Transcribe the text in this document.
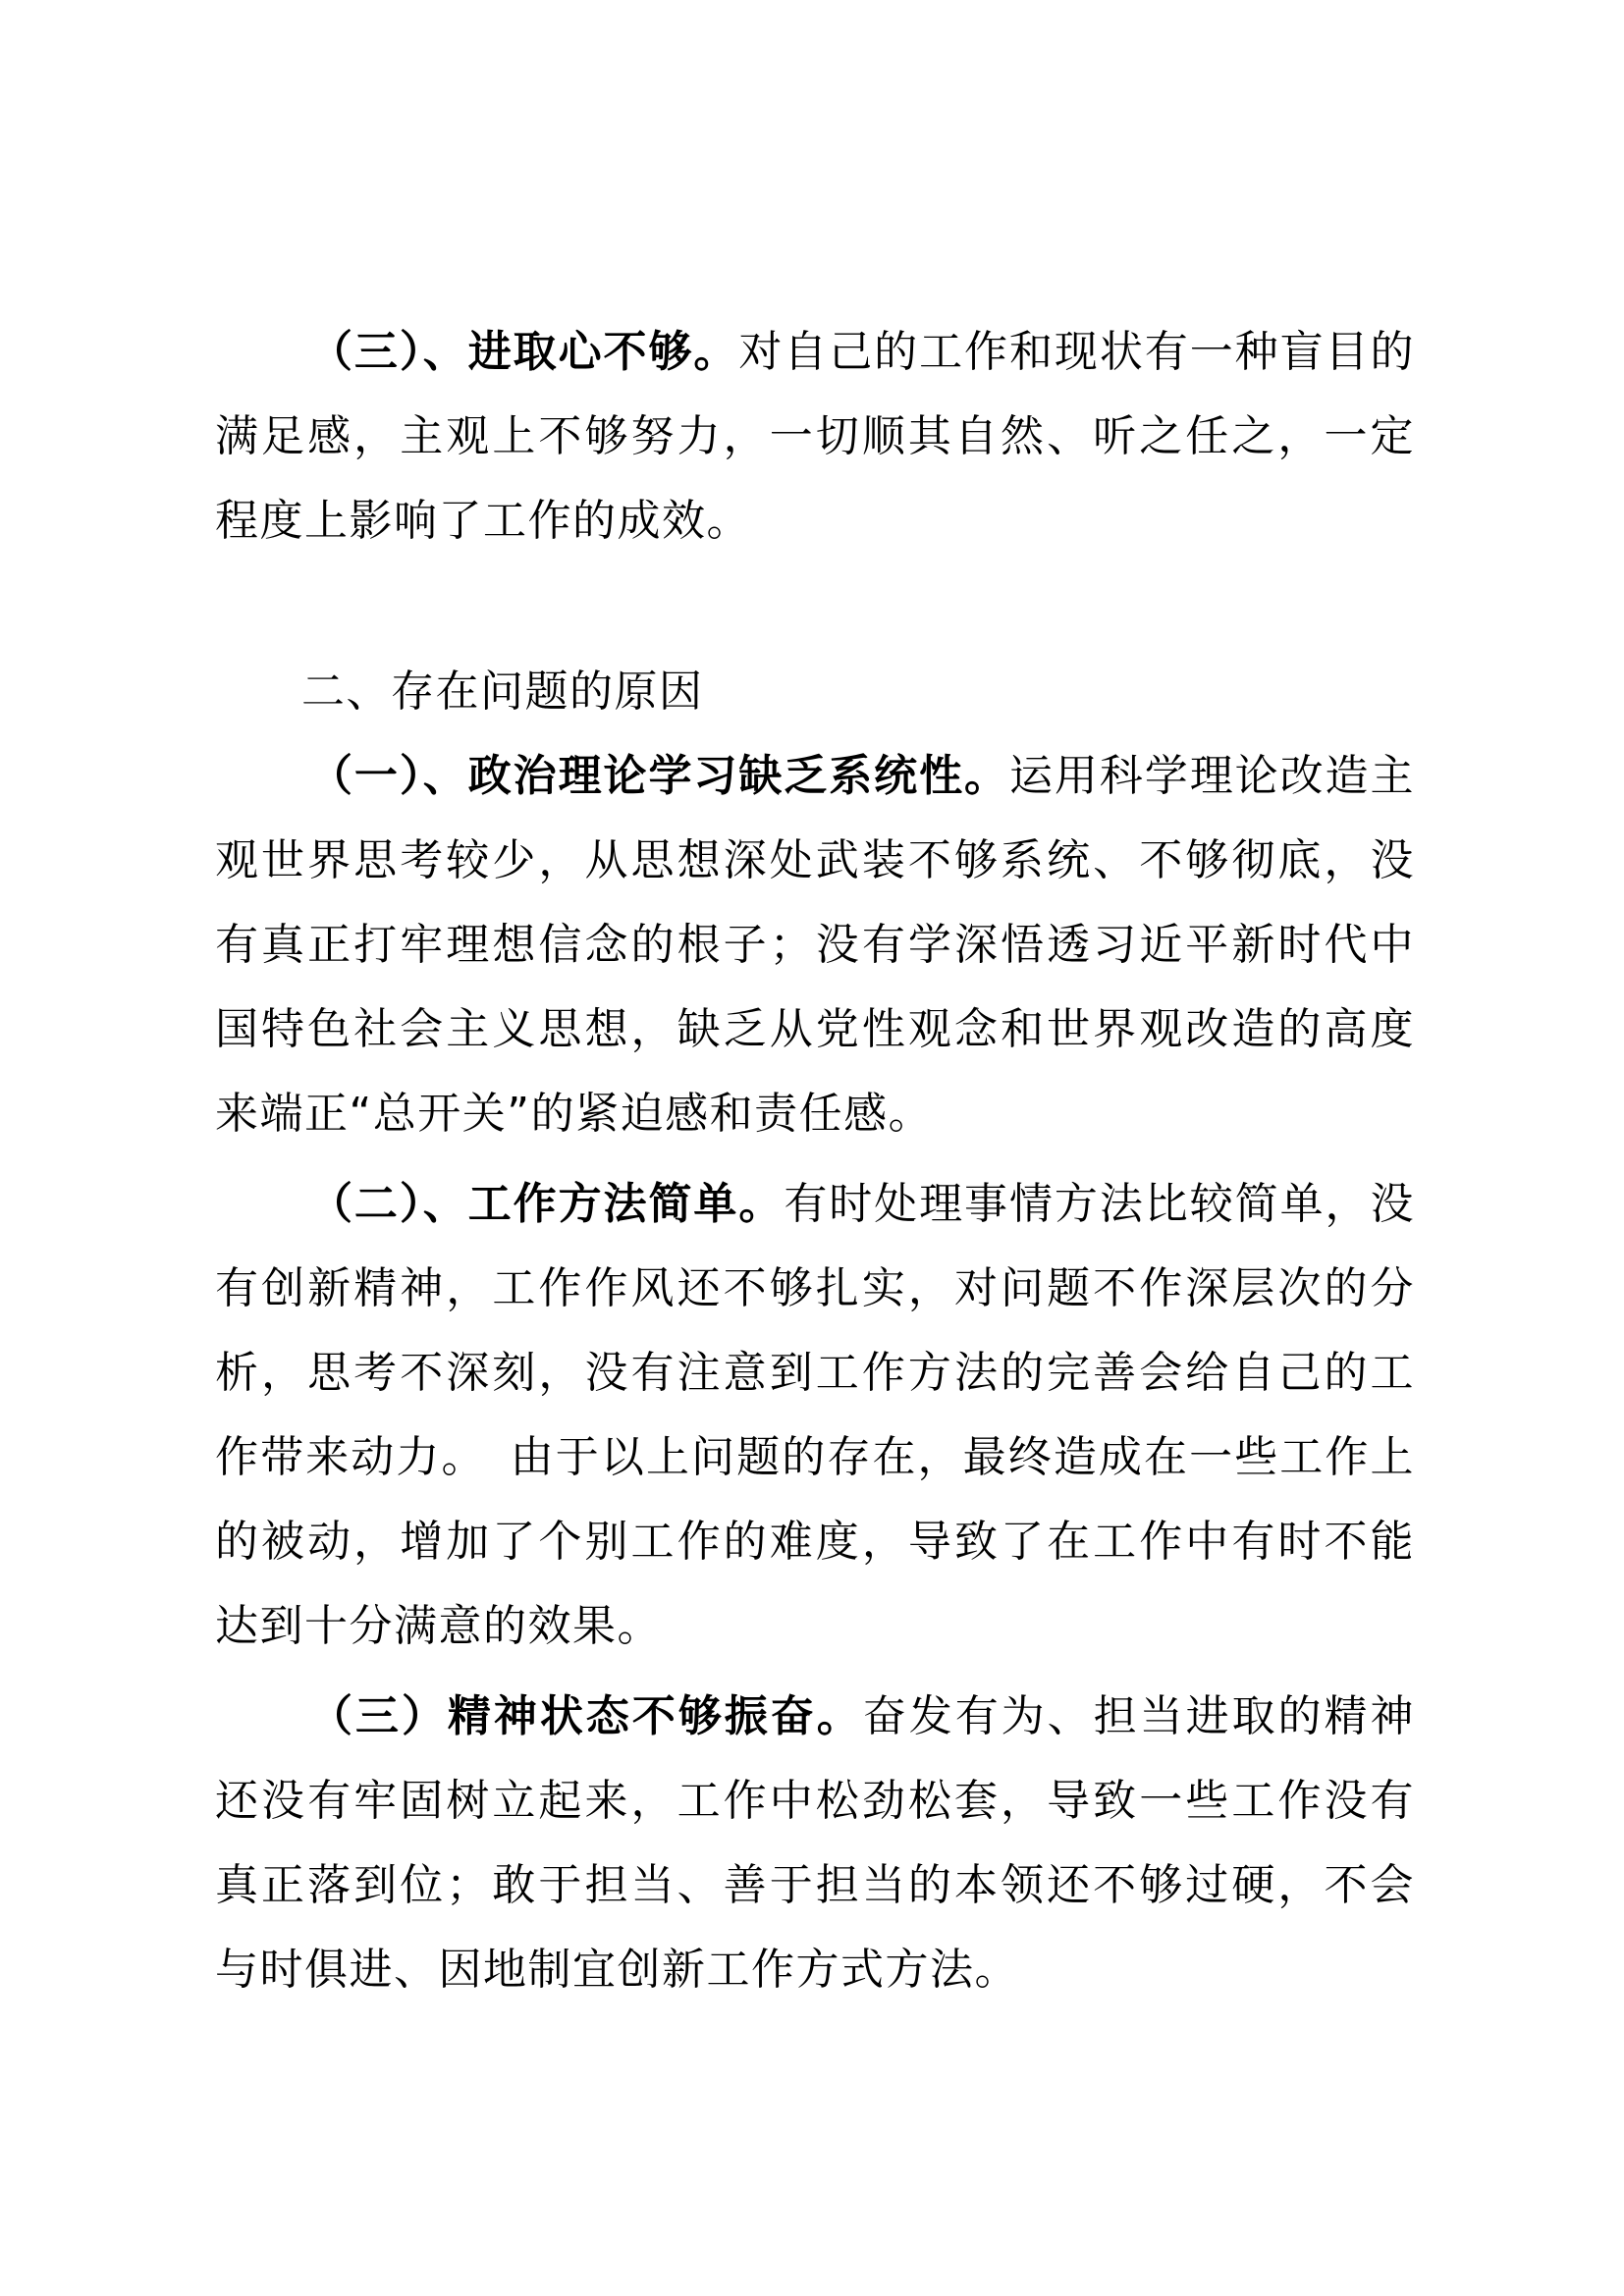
（三）、进取心不够。对自己的工作和现状有一种盲目的满足感，主观上不够努力，一切顺其自然、听之任之，一定程度上影响了工作的成效。

二、存在问题的原因

（一）、政治理论学习缺乏系统性。运用科学理论改造主观世界思考较少，从思想深处武装不够系统、不够彻底，没有真正打牢理想信念的根子；没有学深悟透习近平新时代中国特色社会主义思想，缺乏从党性观念和世界观改造的高度来端正“总开关”的紧迫感和责任感。

（二）、工作方法简单。有时处理事情方法比较简单，没有创新精神，工作作风还不够扎实，对问题不作深层次的分析，思考不深刻，没有注意到工作方法的完善会给自己的工作带来动力。　由于以上问题的存在，最终造成在一些工作上的被动，增加了个别工作的难度，导致了在工作中有时不能达到十分满意的效果。

（三）精神状态不够振奋。奋发有为、担当进取的精神还没有牢固树立起来，工作中松劲松套，导致一些工作没有真正落到位；敢于担当、善于担当的本领还不够过硬，不会与时俱进、因地制宜创新工作方式方法。
